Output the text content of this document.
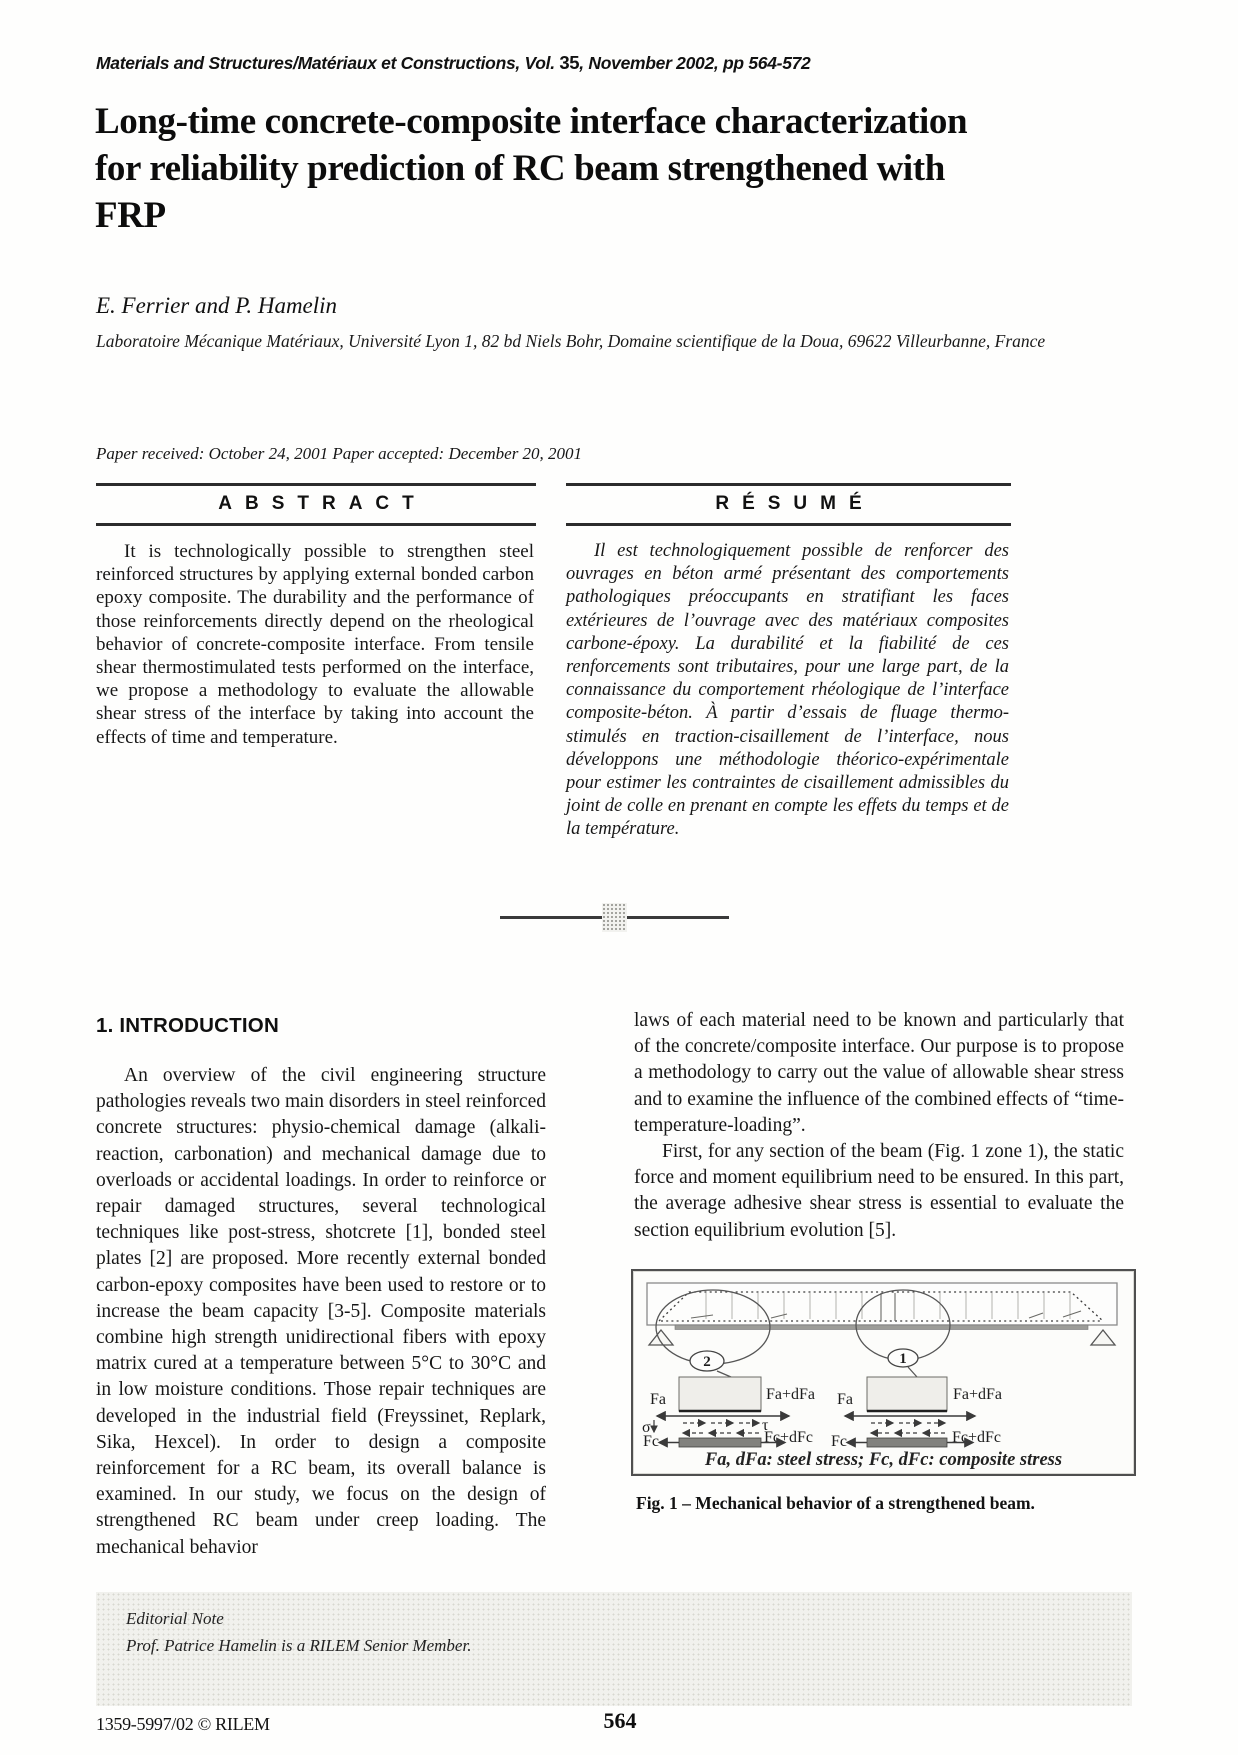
Materials and Structures/Matériaux et Constructions, Vol. 35, November 2002, pp 564-572
Long-time concrete-composite interface characterization
for reliability prediction of RC beam strengthened with
FRP
E. Ferrier and P. Hamelin
Laboratoire Mécanique Matériaux, Université Lyon 1, 82 bd Niels Bohr, Domaine scientifique de la Doua, 69622 Villeurbanne, France
Paper received: October 24, 2001 Paper accepted: December 20, 2001
ABSTRACT

It is technologically possible to strengthen steel reinforced structures by applying external bonded carbon epoxy composite. The durability and the performance of those reinforcements directly depend on the rheological behavior of concrete-composite interface. From tensile shear thermostimulated tests performed on the interface, we propose a methodology to evaluate the allowable shear stress of the interface by taking into account the effects of time and temperature.

RÉSUMÉ

Il est technologiquement possible de renforcer des ouvrages en béton armé présentant des comportements pathologiques préoccupants en stratifiant les faces extérieures de l’ouvrage avec des matériaux composites carbone-époxy. La durabilité et la fiabilité de ces renforcements sont tributaires, pour une large part, de la connaissance du comportement rhéologique de l’interface composite-béton. À partir d’essais de fluage thermo-stimulés en traction-cisaillement de l’interface, nous développons une méthodologie théorico-expérimentale pour estimer les contraintes de cisaillement admissibles du joint de colle en prenant en compte les effets du temps et de la température.

1. INTRODUCTION

An overview of the civil engineering structure pathologies reveals two main disorders in steel reinforced concrete structures: physio-chemical damage (alkali-reaction, carbonation) and mechanical damage due to overloads or accidental loadings. In order to reinforce or repair damaged structures, several technological techniques like post-stress, shotcrete [1], bonded steel plates [2] are proposed. More recently external bonded carbon-epoxy composites have been used to restore or to increase the beam capacity [3-5]. Composite materials combine high strength unidirectional fibers with epoxy matrix cured at a temperature between 5°C to 30°C and in low moisture conditions. Those repair techniques are developed in the industrial field (Freyssinet, Replark, Sika, Hexcel). In order to design a composite reinforcement for a RC beam, its overall balance is examined. In our study, we focus on the design of strengthened RC beam under creep loading. The mechanical behavior

laws of each material need to be known and particularly that of the concrete/composite interface. Our purpose is to propose a methodology to carry out the value of allowable shear stress and to examine the influence of the combined effects of “time-temperature-loading”.

First, for any section of the beam (Fig. 1 zone 1), the static force and moment equilibrium need to be ensured. In this part, the average adhesive shear stress is essential to evaluate the section equilibrium evolution [5].

2	1
Fa	Fa+dFa
σ	τ
Fc	Fc+dFc
Fa	Fa+dFa
Fc	Fc+dFc
Fa, dFa: steel stress; Fc, dFc: composite stress
Fig. 1 – Mechanical behavior of a strengthened beam.
Editorial Note
Prof. Patrice Hamelin is a RILEM Senior Member.
1359-5997/02 © RILEM	564
